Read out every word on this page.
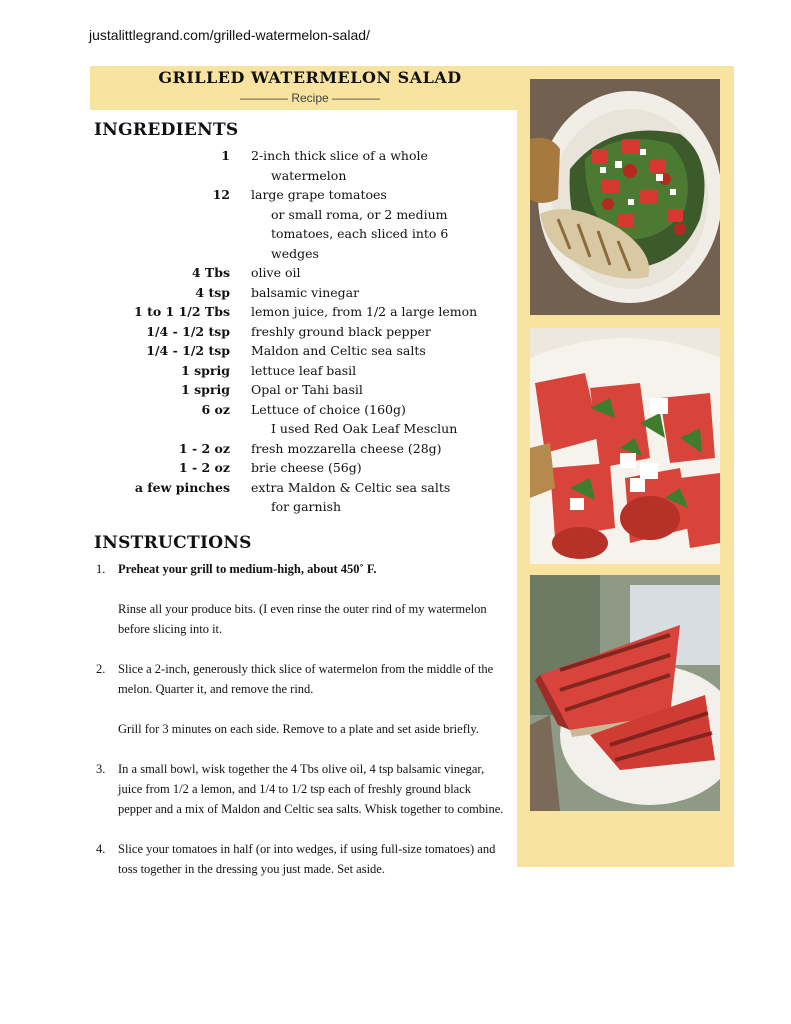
justalittlegrand.com/grilled-watermelon-salad/
GRILLED WATERMELON SALAD
———— Recipe ————
INGREDIENTS
1 2-inch thick slice of a whole
watermelon
12 large grape tomatoes
or small roma, or 2 medium
tomatoes, each sliced into 6
wedges
4 Tbs olive oil
4 tsp balsamic vinegar
1 to 1 1/2 Tbs lemon juice, from 1/2 a large lemon
1/4 - 1/2 tsp freshly ground black pepper
1/4 - 1/2 tsp Maldon and Celtic sea salts
1 sprig lettuce leaf basil
1 sprig Opal or Tahi basil
6 oz Lettuce of choice (160g)
I used Red Oak Leaf Mesclun
1 - 2 oz fresh mozzarella cheese (28g)
1 - 2 oz brie cheese (56g)
a few pinches extra Maldon & Celtic sea salts
for garnish
INSTRUCTIONS
1. Preheat your grill to medium-high, about 450˚ F.

Rinse all your produce bits. (I even rinse the outer rind of my watermelon before slicing into it.

2. Slice a 2-inch, generously thick slice of watermelon from the middle of the melon. Quarter it, and remove the rind.

Grill for 3 minutes on each side. Remove to a plate and set aside briefly.

3. In a small bowl, wisk together the 4 Tbs olive oil, 4 tsp balsamic vinegar, juice from 1/2 a lemon, and 1/4 to 1/2 tsp each of freshly ground black pepper and a mix of Maldon and Celtic sea salts. Whisk together to combine.

4. Slice your tomatoes in half (or into wedges, if using full-size tomatoes) and toss together in the dressing you just made. Set aside.
